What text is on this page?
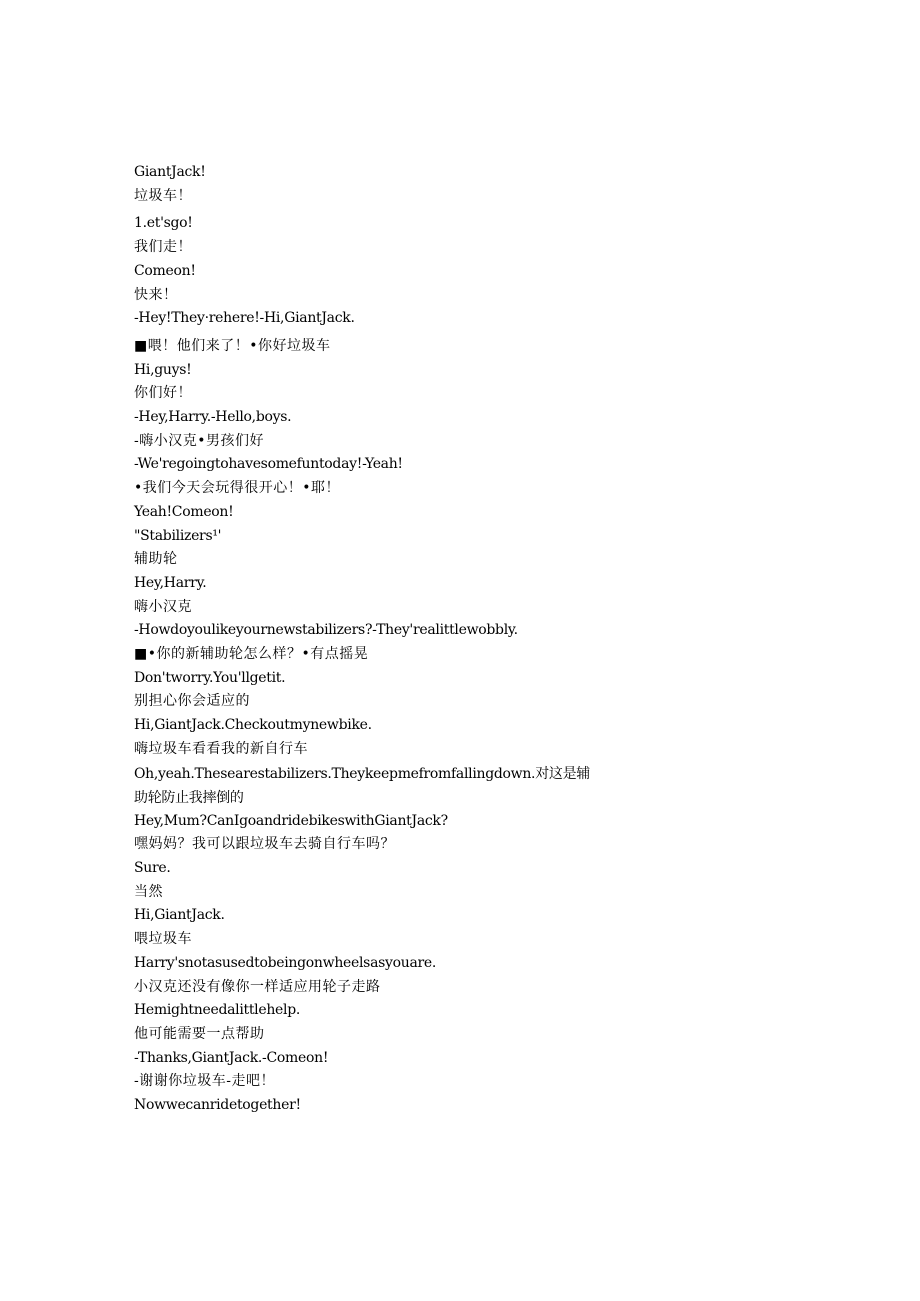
GiantJack!
垃圾车！
1.et'sgo!
我们走！
Comeon!
快来！
-Hey!They·rehere!-Hi,GiantJack.
■喂！他们来了！•你好垃圾车
Hi,guys!
你们好！
-Hey,Harry.-Hello,boys.
-嗨小汉克•男孩们好
-We'regoingtohavesomefuntoday!-Yeah!
•我们今天会玩得很开心！•耶！
Yeah!Comeon!
"Stabilizers¹'
辅助轮
Hey,Harry.
嗨小汉克
-Howdoyoulikeyournewstabilizers?-They'realittlewobbly.
■•你的新辅助轮怎么样？•有点摇晃
Don'tworry.You'llgetit.
别担心你会适应的
Hi,GiantJack.Checkoutmynewbike.
嗨垃圾车看看我的新自行车
Oh,yeah.Thesearestabilizers.Theykeepmefromfallingdown.对这是辅助轮防止我摔倒的
Hey,Mum?CanIgoandridebikeswithGiantJack?
嘿妈妈？我可以跟垃圾车去骑自行车吗？
Sure.
当然
Hi,GiantJack.
喂垃圾车
Harry'snotasusedtobeingonwheelsasyouare.
小汉克还没有像你一样适应用轮子走路
Hemightneedalittlehelp.
他可能需要一点帮助
-Thanks,GiantJack.-Comeon!
-谢谢你垃圾车-走吧！
Nowwecanridetogether!
